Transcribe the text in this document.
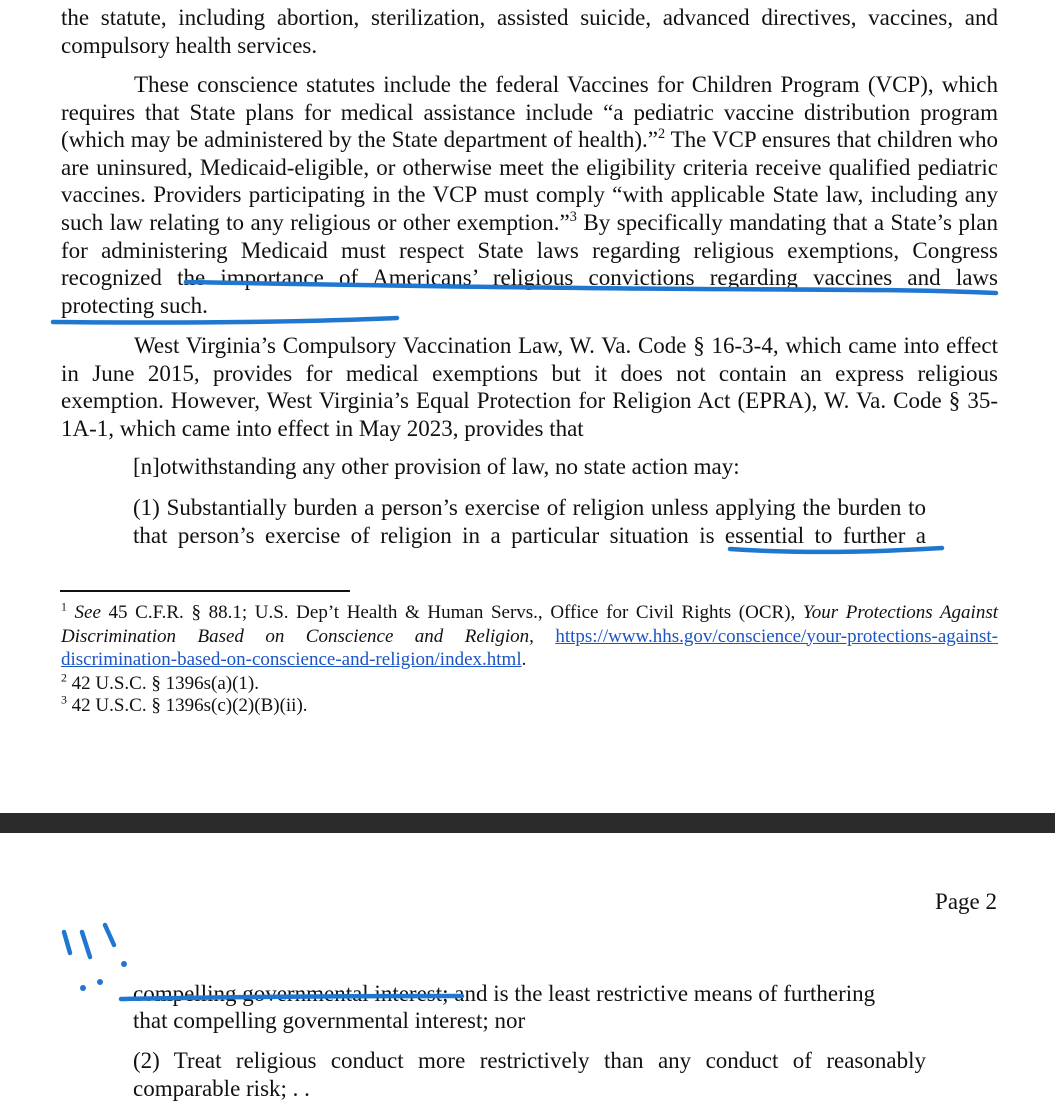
the statute, including abortion, sterilization, assisted suicide, advanced directives, vaccines, and compulsory health services.

These conscience statutes include the federal Vaccines for Children Program (VCP), which requires that State plans for medical assistance include “a pediatric vaccine distribution program (which may be administered by the State department of health).”$^2$ The VCP ensures that children who are uninsured, Medicaid-eligible, or otherwise meet the eligibility criteria receive qualified pediatric vaccines. Providers participating in the VCP must comply “with applicable State law, including any such law relating to any religious or other exemption.”$^3$ By specifically mandating that a State’s plan for administering Medicaid must respect State laws regarding religious exemptions, Congress recognized the importance of Americans’ religious convictions regarding vaccines and laws protecting such.

West Virginia’s Compulsory Vaccination Law, W. Va. Code § 16-3-4, which came into effect in June 2015, provides for medical exemptions but it does not contain an express religious exemption. However, West Virginia’s Equal Protection for Religion Act (EPRA), W. Va. Code § 35-1A-1, which came into effect in May 2023, provides that

[n]otwithstanding any other provision of law, no state action may:

(1) Substantially burden a person’s exercise of religion unless applying the burden to that person’s exercise of religion in a particular situation is essential to further a

$^1$ See 45 C.F.R. § 88.1; U.S. Dep’t Health & Human Servs., Office for Civil Rights (OCR), Your Protections Against Discrimination Based on Conscience and Religion, https://www.hhs.gov/conscience/your-protections-against-discrimination-based-on-conscience-and-religion/index.html.

$^2$ 42 U.S.C. § 1396s(a)(1).

$^3$ 42 U.S.C. § 1396s(c)(2)(B)(ii).

Page 2

compelling governmental interest; and is the least restrictive means of furthering

that compelling governmental interest; nor

(2) Treat religious conduct more restrictively than any conduct of reasonably comparable risk; . .
